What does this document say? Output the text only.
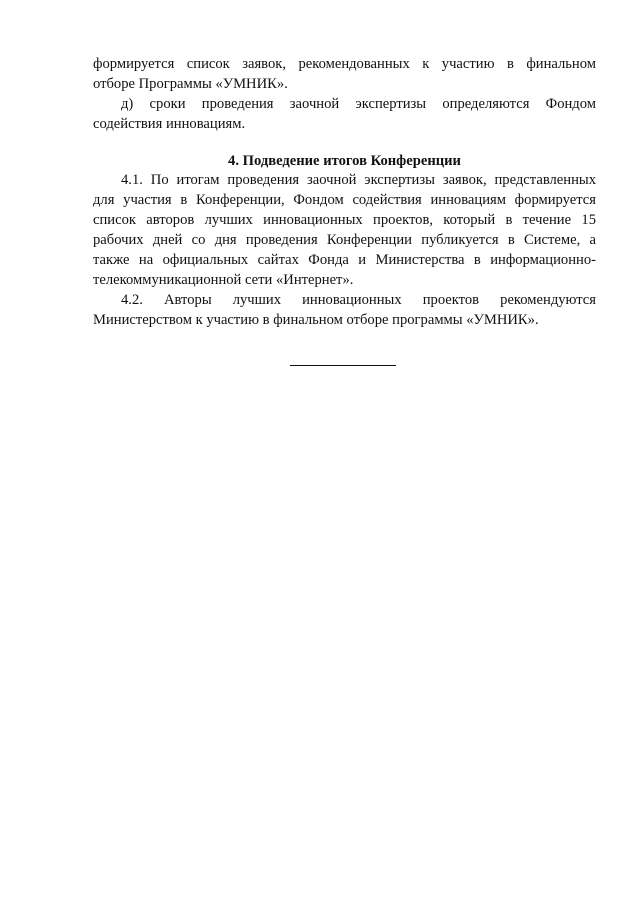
формируется список заявок, рекомендованных к участию в финальном
отборе Программы «УМНИК».
д) сроки проведения заочной экспертизы определяются Фондом
содействия инновациям.
4. Подведение итогов Конференции
4.1. По итогам проведения заочной экспертизы заявок, представленных
для участия в Конференции, Фондом содействия инновациям формируется
список авторов лучших инновационных проектов, который в течение 15
рабочих дней со дня проведения Конференции публикуется в Системе, а
также на официальных сайтах Фонда и Министерства в информационно-
телекоммуникационной сети «Интернет».
4.2. Авторы лучших инновационных проектов рекомендуются
Министерством к участию в финальном отборе программы «УМНИК».
